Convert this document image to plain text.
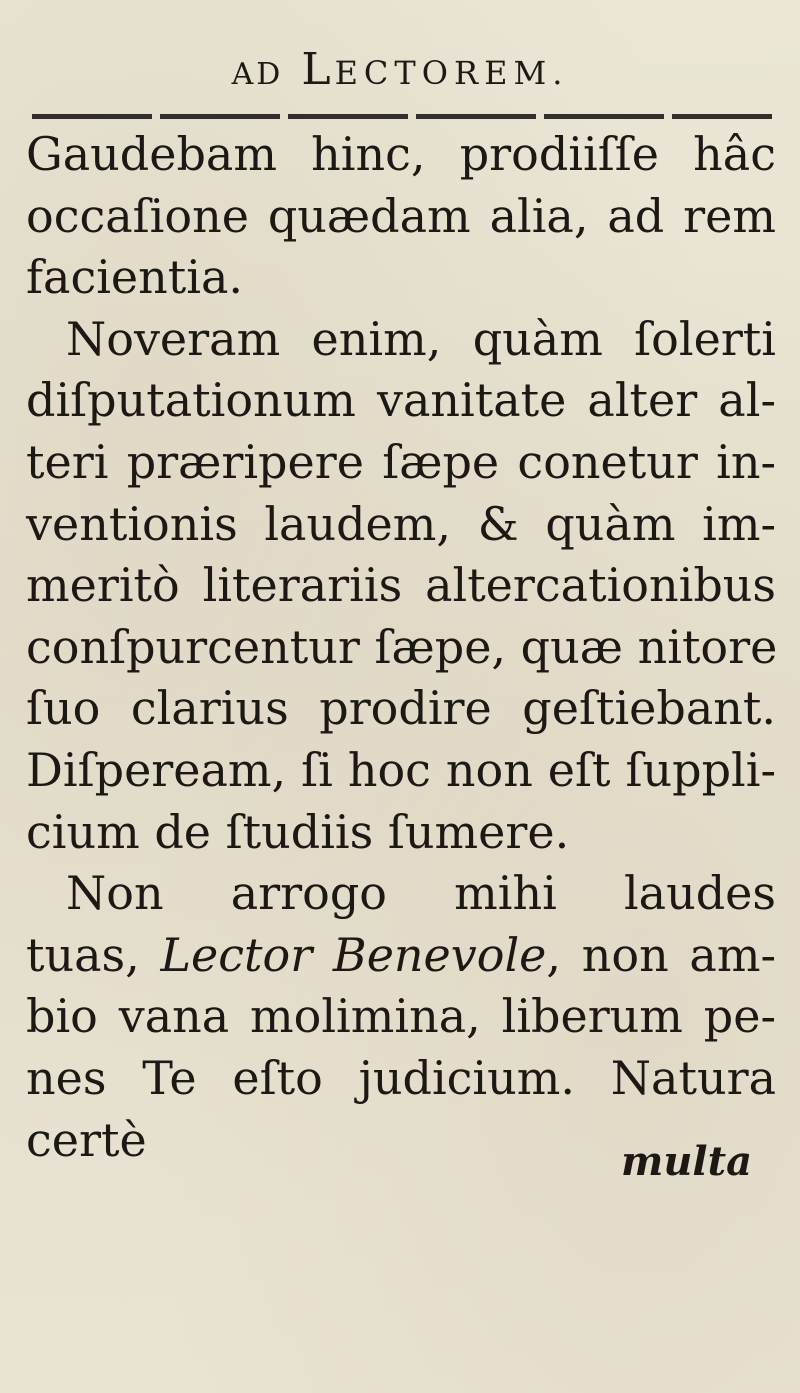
AD LECTOREM.
Gaudebam hinc, prodiiſſe hâc
occaſione quædam alia, ad rem
facientia.
Noveram enim, quàm ſolerti
diſputationum vanitate alter al-
teri præripere ſæpe conetur in-
ventionis laudem, & quàm im-
meritò literariis altercationibus
conſpurcentur ſæpe, quæ nitore
ſuo clarius prodire geſtiebant.
Diſpeream, ſi hoc non eſt ſuppli-
cium de ſtudiis ſumere.
Non arrogo mihi laudes
tuas, Lector Benevole, non am-
bio vana molimina, liberum pe-
nes Te eſto judicium. Natura
certè	multa
